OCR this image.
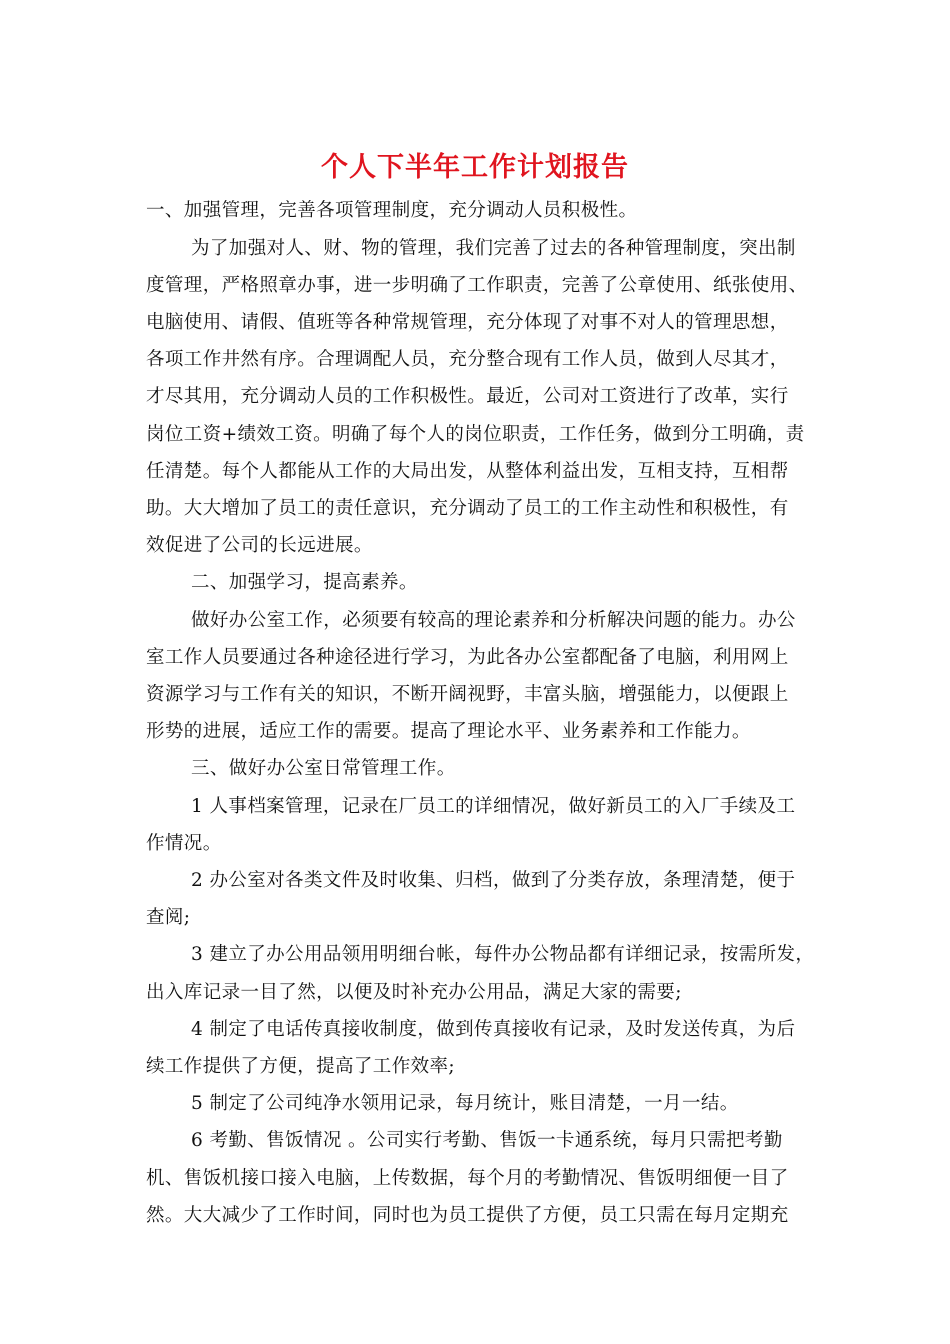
个人下半年工作计划报告
一、加强管理，完善各项管理制度，充分调动人员积极性。
为了加强对人、财、物的管理，我们完善了过去的各种管理制度，突出制
度管理，严格照章办事，进一步明确了工作职责，完善了公章使用、纸张使用、
电脑使用、请假、值班等各种常规管理，充分体现了对事不对人的管理思想，
各项工作井然有序。合理调配人员，充分整合现有工作人员，做到人尽其才，
才尽其用，充分调动人员的工作积极性。最近，公司对工资进行了改革，实行
岗位工资+绩效工资。明确了每个人的岗位职责，工作任务，做到分工明确，责
任清楚。每个人都能从工作的大局出发，从整体利益出发，互相支持，互相帮
助。大大增加了员工的责任意识，充分调动了员工的工作主动性和积极性，有
效促进了公司的长远进展。
二、加强学习，提高素养。
做好办公室工作，必须要有较高的理论素养和分析解决问题的能力。办公
室工作人员要通过各种途径进行学习，为此各办公室都配备了电脑，利用网上
资源学习与工作有关的知识，不断开阔视野，丰富头脑，增强能力，以便跟上
形势的进展，适应工作的需要。提高了理论水平、业务素养和工作能力。
三、做好办公室日常管理工作。
1 人事档案管理，记录在厂员工的详细情况，做好新员工的入厂手续及工
作情况。
2 办公室对各类文件及时收集、归档，做到了分类存放，条理清楚，便于
查阅;
3 建立了办公用品领用明细台帐，每件办公物品都有详细记录，按需所发，
出入库记录一目了然，以便及时补充办公用品，满足大家的需要;
4 制定了电话传真接收制度，做到传真接收有记录，及时发送传真，为后
续工作提供了方便，提高了工作效率;
5 制定了公司纯净水领用记录，每月统计，账目清楚，一月一结。
6 考勤、售饭情况 。公司实行考勤、售饭一卡通系统，每月只需把考勤
机、售饭机接口接入电脑，上传数据，每个月的考勤情况、售饭明细便一目了
然。大大减少了工作时间，同时也为员工提供了方便，员工只需在每月定期充
